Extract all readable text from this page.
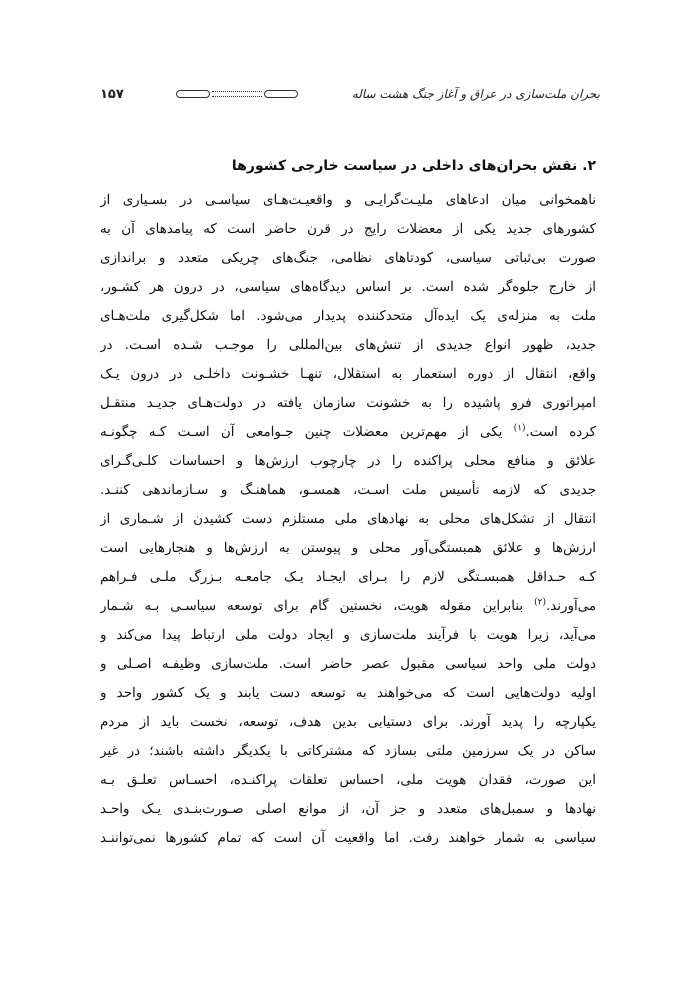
بحران ملت‌سازی در عراق و آغاز جنگ هشت ساله
۱۵۷
۲. نقش بحران‌های داخلی در سیاست خارجی کشورها
ناهمخوانی میان ادعاهای ملیـت‌گرایـی و واقعیـت‌هـای سیاسـی در بسـیاری از
کشورهای جدید یکی از معضلات رایج در قرن حاضر است که پیامدهای آن به
صورت بی‌ثباتی سیاسی، کودتاهای نظامی، جنگ‌های چریکی متعدد و براندازی
از خارج جلوه‌گر شده است. بر اساس دیدگاه‌های سیاسی، در درون هر کشـور،
ملت به منزله‌ی یک ایده‌آل متحدکننده پدیدار می‌شود. اما شکل‌گیری ملت‌هـای
جدید، ظهور انواع جدیدی از تنش‌های بین‌المللی را موجـب شـده اسـت. در
واقع، انتقال از دوره استعمار به استقلال، تنهـا خشـونت داخلـی در درون یـک
امپراتوری فرو پاشیده را به خشونت سازمان یافته در دولت‌هـای جدیـد منتقـل
کرده است.$^{(۱)}$ یکی از مهم‌ترین معضلات چنین جـوامعی آن اسـت کـه چگونـه
علائق و منافع محلی پراکنده را در چارچوب ارزش‌ها و احساسات کلـی‌گـرای
جدیدی که لازمه تأسیس ملت اسـت، همسـو، هماهنـگ و سـازماندهی کننـد.
انتقال از تشکل‌های محلی به نهادهای ملی مستلزم دست کشیدن از شـماری از
ارزش‌ها و علائق همبستگی‌آور محلی و پیوستن به ارزش‌ها و هنجارهایی است
کـه حـداقل همبسـتگی لازم را بـرای ایجـاد یـک جامعـه بـزرگ ملـی فـراهم
می‌آورند.$^{(۲)}$ بنابراین مقوله هویت، نخستین گام برای توسعه سیاسـی بـه شـمار
می‌آید، زیرا هویت با فرآیند ملت‌سازی و ایجاد دولت ملی ارتباط پیدا می‌کند و
دولت ملی واحد سیاسی مقبول عصر حاضر است. ملت‌سازی وظیفـه اصـلی و
اولیه دولت‌هایی است که می‌خواهند به توسعه دست یابند و یک کشور واحد و
یکپارچه را پدید آورند. برای دستیابی بدین هدف، توسعه، نخست باید از مردم
ساکن در یک سرزمین ملتی بسازد که مشترکاتی با یکدیگر داشته باشند؛ در غیر
این صورت، فقدان هویت ملی، احساس تعلقات پراکنـده، احسـاس تعلـق بـه
نهادها و سمبل‌های متعدد و جز آن، از موانع اصلی صـورت‌بنـدی یـک واحـد
سیاسی به شمار خواهند رفت. اما واقعیت آن است که تمام کشورها نمی‌تواننـد
